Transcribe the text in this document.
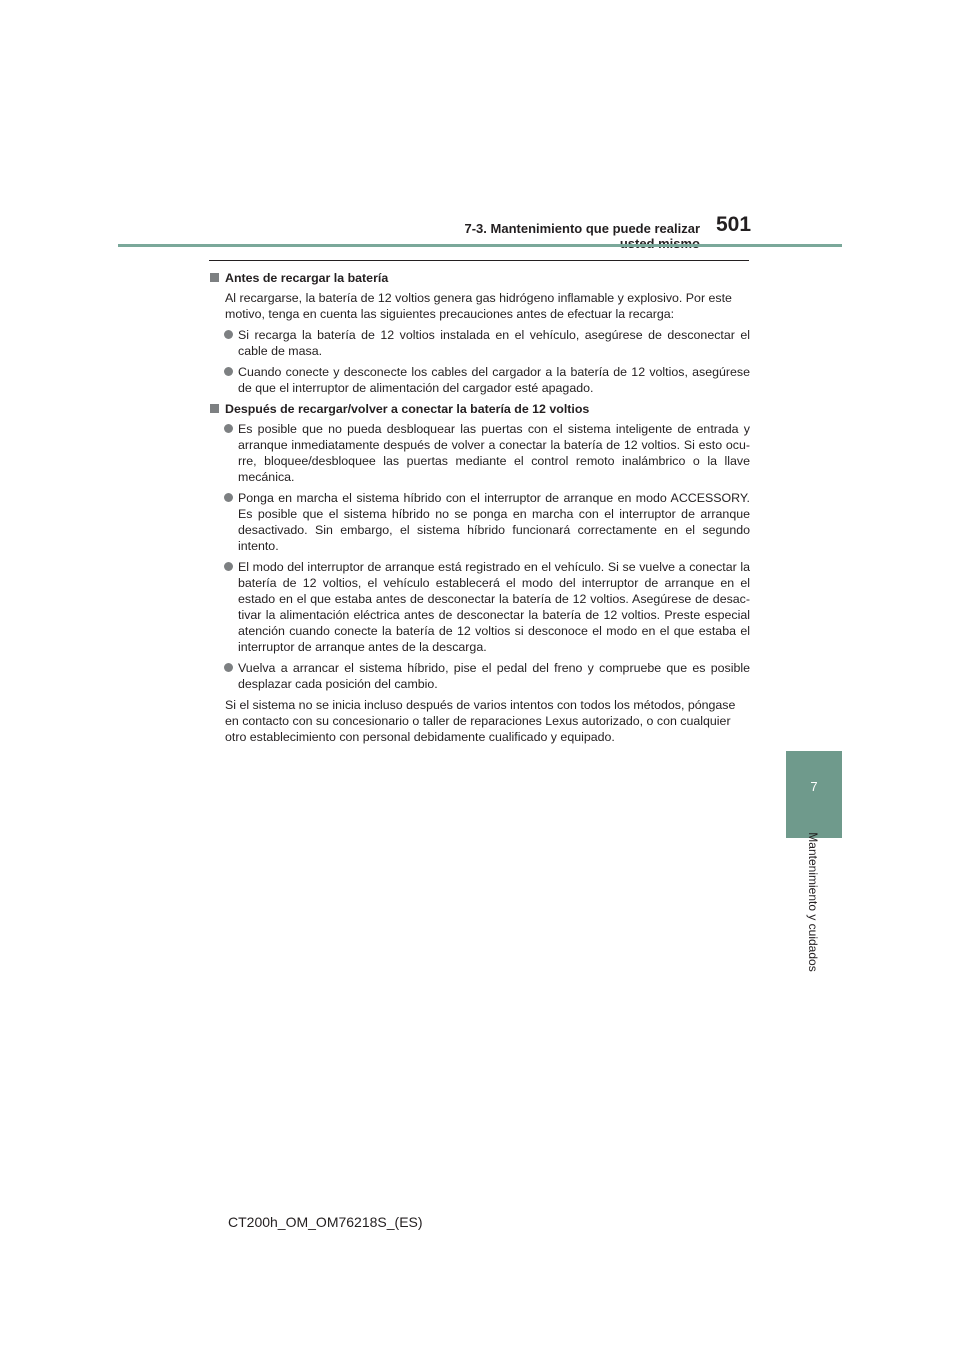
7-3. Mantenimiento que puede realizar 501
7
Mantenimiento y cuidados
Antes de recargar la batería

Al recargarse, la batería de 12 voltios genera gas hidrógeno inflamable y explosivo. Por este motivo, tenga en cuenta las siguientes precauciones antes de efectuar la recarga:

Si recarga la batería de 12 voltios instalada en el vehículo, asegúrese de desconectar el cable de masa.
Cuando conecte y desconecte los cables del cargador a la batería de 12 voltios, asegúrese de que el interruptor de alimentación del cargador esté apagado.
Después de recargar/volver a conectar la batería de 12 voltios
Es posible que no pueda desbloquear las puertas con el sistema inteligente de entrada y arranque inmediatamente después de volver a conectar la batería de 12 voltios. Si esto ocu-rre, bloquee/desbloquee las puertas mediante el control remoto inalámbrico o la llave mecánica.
Ponga en marcha el sistema híbrido con el interruptor de arranque en modo ACCESSORY. Es posible que el sistema híbrido no se ponga en marcha con el interruptor de arranque desactivado. Sin embargo, el sistema híbrido funcionará correctamente en el segundo intento.
El modo del interruptor de arranque está registrado en el vehículo. Si se vuelve a conectar la batería de 12 voltios, el vehículo establecerá el modo del interruptor de arranque en el estado en el que estaba antes de desconectar la batería de 12 voltios. Asegúrese de desac-tivar la alimentación eléctrica antes de desconectar la batería de 12 voltios. Preste especial atención cuando conecte la batería de 12 voltios si desconoce el modo en el que estaba el interruptor de arranque antes de la descarga.
Vuelva a arrancar el sistema híbrido, pise el pedal del freno y compruebe que es posible desplazar cada posición del cambio.

Si el sistema no se inicia incluso después de varios intentos con todos los métodos, póngase en contacto con su concesionario o taller de reparaciones Lexus autorizado, o con cualquier otro establecimiento con personal debidamente cualificado y equipado.

CT200h_OM_OM76218S_(ES)
